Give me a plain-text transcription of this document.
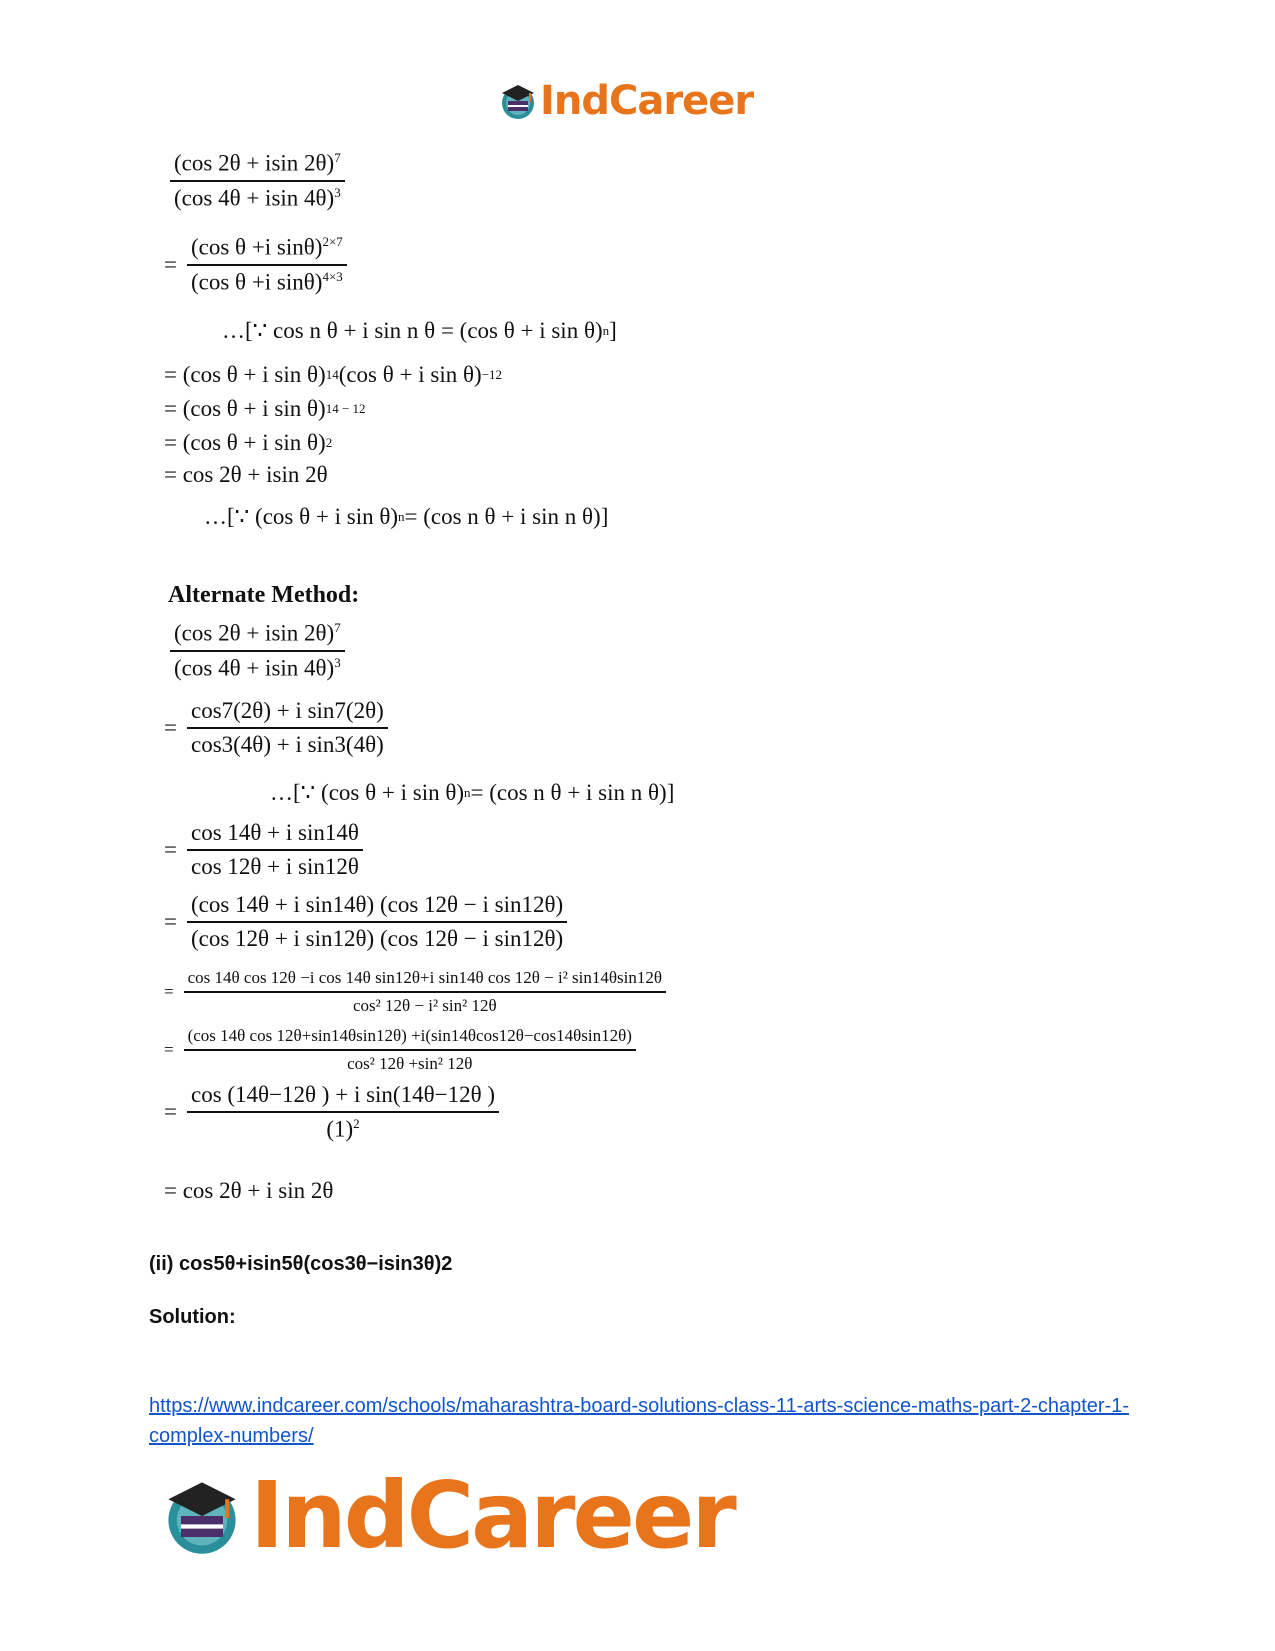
IndCareer
$\frac{(\cos 2\theta + isin 2\theta)^7}{(\cos 4\theta + isin 4\theta)^3}$
= $\frac{(\cos \theta +i \sin\theta)^{2\times 7}}{(\cos \theta +i \sin\theta)^{4\times 3}}$
…[∵ cos n θ + i sin n θ = (cos θ + i sin θ) n ]
= (cos θ + i sin θ) 14 (cos θ + i sin θ) −12
= (cos θ + i sin θ) 14 − 12
= (cos θ + i sin θ) 2
= cos 2θ + isin 2θ
…[∵ (cos θ + i sin θ) n = (cos n θ + i sin n θ)]
Alternate Method:
$\frac{(\cos 2\theta + isin 2\theta)^7}{(\cos 4\theta + isin 4\theta)^3}$
= $\frac{\text{cos7(2θ) + i sin7(2θ)}}{\text{cos3(4θ) + i sin3(4θ)}}$
…[∵ (cos θ + i sin θ) n = (cos n θ + i sin n θ)]
= $\frac{\text{cos 14θ + i sin14θ}}{\text{cos 12θ + i sin12θ}}$
= $\frac{\text{(cos 14θ + i sin14θ) (cos 12θ − i sin12θ)}}{\text{(cos 12θ + i sin12θ) (cos 12θ − i sin12θ)}}$
=
cos 14θ cos 12θ −i cos 14θ sin12θ+i sin14θ cos 12θ − i² sin14θsin12θ
cos² 12θ − i² sin² 12θ
= $\frac{\text{(cos 14θ cos 12θ+sin14θsin12θ) +i(sin14θcos12θ−cos14θsin12θ)}}{\text{cos² 12θ +sin² 12θ}}$
= $\frac{\text{cos (14θ−12θ ) + i sin(14θ−12θ )}}{(1)^2}$
= cos 2θ + i sin 2θ
(ii) cos5θ+isin5θ(cos3θ−isin3θ)2
Solution:
https://www.indcareer.com/schools/maharashtra-board-solutions-class-11-arts-science-maths-part-2-chapter-1-complex-numbers/
IndCareer
